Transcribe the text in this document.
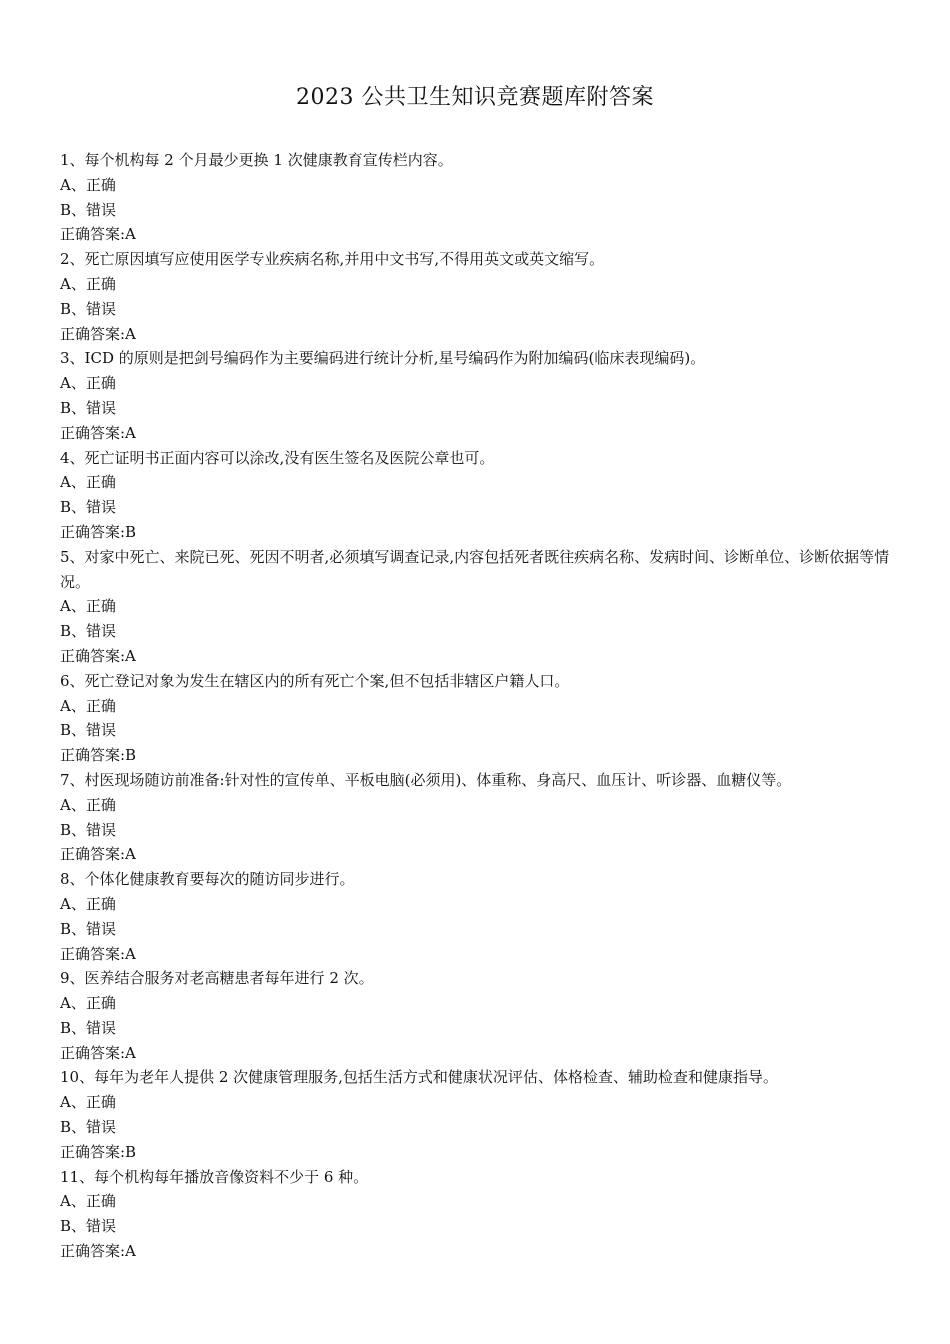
2023 公共卫生知识竞赛题库附答案
1、每个机构每 2 个月最少更换 1 次健康教育宣传栏内容。
A、正确
B、错误
正确答案:A
2、死亡原因填写应使用医学专业疾病名称,并用中文书写,不得用英文或英文缩写。
A、正确
B、错误
正确答案:A
3、ICD 的原则是把剑号编码作为主要编码进行统计分析,星号编码作为附加编码(临床表现编码)。
A、正确
B、错误
正确答案:A
4、死亡证明书正面内容可以涂改,没有医生签名及医院公章也可。
A、正确
B、错误
正确答案:B
5、对家中死亡、来院已死、死因不明者,必须填写调查记录,内容包括死者既往疾病名称、发病时间、诊断单位、诊断依据等情况。
A、正确
B、错误
正确答案:A
6、死亡登记对象为发生在辖区内的所有死亡个案,但不包括非辖区户籍人口。
A、正确
B、错误
正确答案:B
7、村医现场随访前准备:针对性的宣传单、平板电脑(必须用)、体重称、身高尺、血压计、听诊器、血糖仪等。
A、正确
B、错误
正确答案:A
8、个体化健康教育要每次的随访同步进行。
A、正确
B、错误
正确答案:A
9、医养结合服务对老高糖患者每年进行 2 次。
A、正确
B、错误
正确答案:A
10、每年为老年人提供 2 次健康管理服务,包括生活方式和健康状况评估、体格检查、辅助检查和健康指导。
A、正确
B、错误
正确答案:B
11、每个机构每年播放音像资料不少于 6 种。
A、正确
B、错误
正确答案:A
